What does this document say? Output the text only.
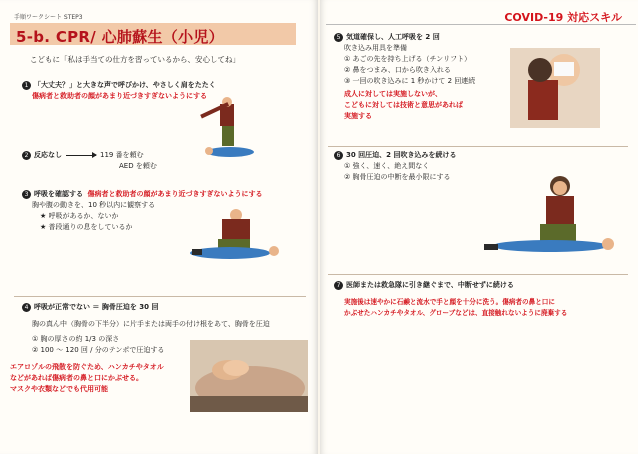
手順ワークシート STEP3
5-b. CPR/ 心肺蘇生（小児）
こどもに「私は手当ての仕方を習っているから、安心してね」
1 「大丈夫？」と大きな声で呼びかけ、やさしく肩をたたく
傷病者と救助者の顔があまり近づきすぎないようにする
2 反応なし	119 番を頼む
AED を頼む
3 呼吸を確認する 傷病者と救助者の顔があまり近づきすぎないようにする
胸や腹の動きを、10 秒以内に観察する
★ 呼吸があるか、ないか
★ 普段通りの息をしているか
4 呼吸が正常でない ＝ 胸骨圧迫を 30 回
胸の真ん中（胸骨の下半分）に片手または両手の付け根をあて、胸骨を圧迫
① 胸の厚さの約 1/3 の深さ
② 100 ～ 120 回 / 分のテンポで圧迫する
エアロゾルの飛散を防ぐため、ハンカチやタオル
などがあれば傷病者の鼻と口にかぶせる。
マスクや衣類などでも代用可能
COVID-19 対応スキル
5 気道確保し、人工呼吸を 2 回
吹き込み用具を準備
① あごの先を持ち上げる（チンリフト）
② 鼻をつまみ、口から吹き入れる
③ 一回の吹き込みに 1 秒かけて 2 回連続
成人に対しては実施しないが、
こどもに対しては技術と意思があれば
実施する
6 30 回圧迫、2 回吹き込みを続ける
① 強く、速く、絶え間なく
② 胸骨圧迫の中断を最小限にする
7 医師または救急隊に引き継ぐまで、中断せずに続ける
実施後は速やかに石鹸と流水で手と顔を十分に洗う。傷病者の鼻と口に
かぶせたハンカチやタオル、グローブなどは、直接触れないように廃棄する
